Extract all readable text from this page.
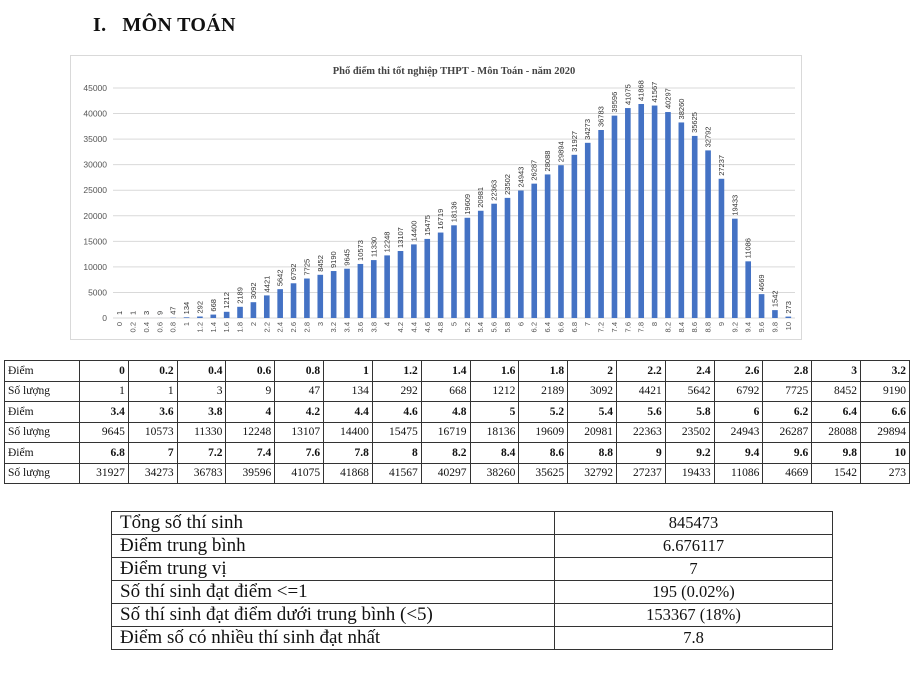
I. MÔN TOÁN
Phổ điểm thi tốt nghiệp THPT - Môn Toán - năm 2020
0
5000
10000
15000
20000
25000
30000
35000
40000
45000
1
0
1
0.2
3
0.4
9
0.6
47
0.8
134
1
292
1.2
668
1.4
1212
1.6
2189
1.8
3092
2
4421
2.2
5642
2.4
6792
2.6
7725
2.8
8452
3
9190
3.2
9645
3.4
10573
3.6
11330
3.8
12248
4
13107
4.2
14400
4.4
15475
4.6
16719
4.8
18136
5
19609
5.2
20981
5.4
22363
5.6
23502
5.8
24943
6
26287
6.2
28088
6.4
29894
6.6
31927
6.8
34273
7
36783
7.2
39596
7.4
41075
7.6
41868
7.8
41567
8
40297
8.2
38260
8.4
35625
8.6
32792
8.8
27237
9
19433
9.2
11086
9.4
4669
9.6
1542
9.8
273
10
Điểm	0	0.2	0.4	0.6	0.8	1	1.2	1.4	1.6	1.8	2	2.2	2.4	2.6	2.8	3	3.2
Số lượng	1	1	3	9	47	134	292	668	1212	2189	3092	4421	5642	6792	7725	8452	9190
Điểm	3.4	3.6	3.8	4	4.2	4.4	4.6	4.8	5	5.2	5.4	5.6	5.8	6	6.2	6.4	6.6
Số lượng	9645	10573	11330	12248	13107	14400	15475	16719	18136	19609	20981	22363	23502	24943	26287	28088	29894
Điểm	6.8	7	7.2	7.4	7.6	7.8	8	8.2	8.4	8.6	8.8	9	9.2	9.4	9.6	9.8	10
Số lượng	31927	34273	36783	39596	41075	41868	41567	40297	38260	35625	32792	27237	19433	11086	4669	1542	273
Tổng số thí sinh	845473
Điểm trung bình	6.676117
Điểm trung vị	7
Số thí sinh đạt điểm <=1	195 (0.02%)
Số thí sinh đạt điểm dưới trung bình (<5)	153367 (18%)
Điểm số có nhiều thí sinh đạt nhất	7.8
